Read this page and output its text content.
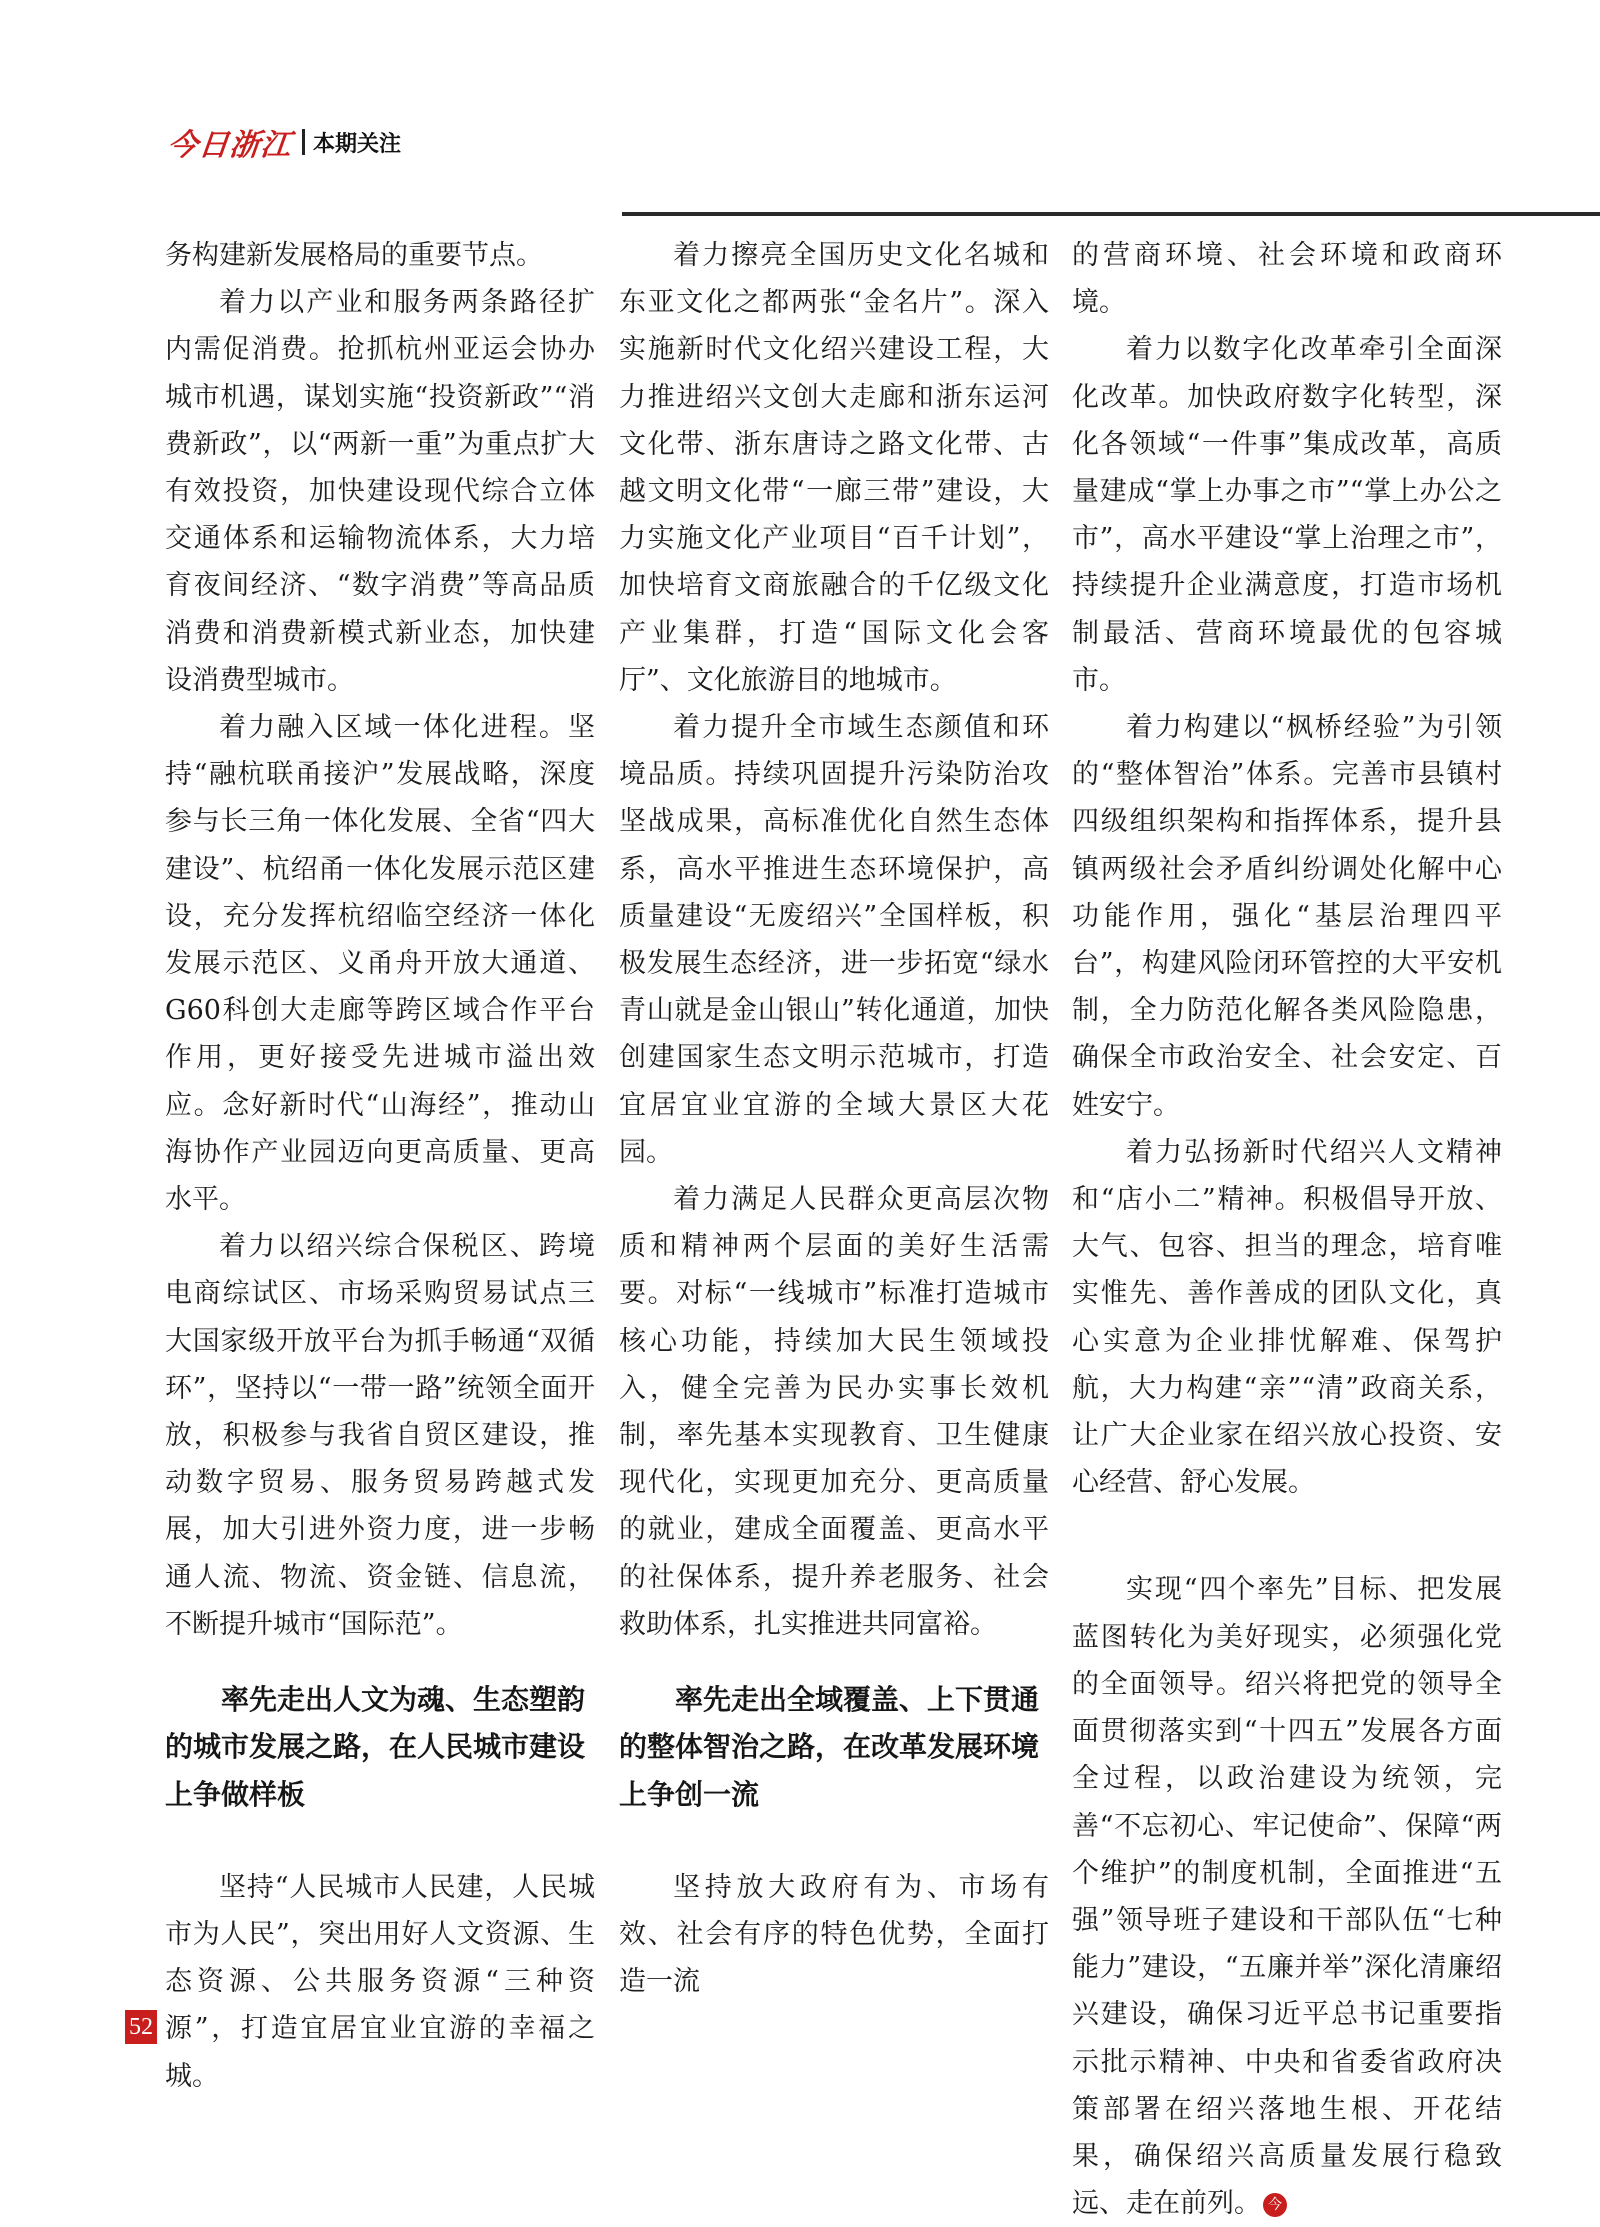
今日浙江 本期关注

务构建新发展格局的重要节点。

着力以产业和服务两条路径扩内需促消费。抢抓杭州亚运会协办城市机遇，谋划实施“投资新政”“消费新政”，以“两新一重”为重点扩大有效投资，加快建设现代综合立体交通体系和运输物流体系，大力培育夜间经济、“数字消费”等高品质消费和消费新模式新业态，加快建设消费型城市。

着力融入区域一体化进程。坚持“融杭联甬接沪”发展战略，深度参与长三角一体化发展、全省“四大建设”、杭绍甬一体化发展示范区建设，充分发挥杭绍临空经济一体化发展示范区、义甬舟开放大通道、G60科创大走廊等跨区域合作平台作用，更好接受先进城市溢出效应。念好新时代“山海经”，推动山海协作产业园迈向更高质量、更高水平。

着力以绍兴综合保税区、跨境电商综试区、市场采购贸易试点三大国家级开放平台为抓手畅通“双循环”，坚持以“一带一路”统领全面开放，积极参与我省自贸区建设，推动数字贸易、服务贸易跨越式发展，加大引进外资力度，进一步畅通人流、物流、资金链、信息流，不断提升城市“国际范”。

率先走出人文为魂、生态塑韵的城市发展之路，在人民城市建设上争做样板

坚持“人民城市人民建，人民城市为人民”，突出用好人文资源、生态资源、公共服务资源“三种资源”，打造宜居宜业宜游的幸福之城。

着力擦亮全国历史文化名城和东亚文化之都两张“金名片”。深入实施新时代文化绍兴建设工程，大力推进绍兴文创大走廊和浙东运河文化带、浙东唐诗之路文化带、古越文明文化带“一廊三带”建设，大力实施文化产业项目“百千计划”，加快培育文商旅融合的千亿级文化产业集群，打造“国际文化会客厅”、文化旅游目的地城市。

着力提升全市域生态颜值和环境品质。持续巩固提升污染防治攻坚战成果，高标准优化自然生态体系，高水平推进生态环境保护，高质量建设“无废绍兴”全国样板，积极发展生态经济，进一步拓宽“绿水青山就是金山银山”转化通道，加快创建国家生态文明示范城市，打造宜居宜业宜游的全域大景区大花园。

着力满足人民群众更高层次物质和精神两个层面的美好生活需要。对标“一线城市”标准打造城市核心功能，持续加大民生领域投入，健全完善为民办实事长效机制，率先基本实现教育、卫生健康现代化，实现更加充分、更高质量的就业，建成全面覆盖、更高水平的社保体系，提升养老服务、社会救助体系，扎实推进共同富裕。

率先走出全域覆盖、上下贯通的整体智治之路，在改革发展环境上争创一流

坚持放大政府有为、市场有效、社会有序的特色优势，全面打造一流

的营商环境、社会环境和政商环境。

着力以数字化改革牵引全面深化改革。加快政府数字化转型，深化各领域“一件事”集成改革，高质量建成“掌上办事之市”“掌上办公之市”，高水平建设“掌上治理之市”，持续提升企业满意度，打造市场机制最活、营商环境最优的包容城市。

着力构建以“枫桥经验”为引领的“整体智治”体系。完善市县镇村四级组织架构和指挥体系，提升县镇两级社会矛盾纠纷调处化解中心功能作用，强化“基层治理四平台”，构建风险闭环管控的大平安机制，全力防范化解各类风险隐患，确保全市政治安全、社会安定、百姓安宁。

着力弘扬新时代绍兴人文精神和“店小二”精神。积极倡导开放、大气、包容、担当的理念，培育唯实惟先、善作善成的团队文化，真心实意为企业排忧解难、保驾护航，大力构建“亲”“清”政商关系，让广大企业家在绍兴放心投资、安心经营、舒心发展。

实现“四个率先”目标、把发展蓝图转化为美好现实，必须强化党的全面领导。绍兴将把党的领导全面贯彻落实到“十四五”发展各方面全过程，以政治建设为统领，完善“不忘初心、牢记使命”、保障“两个维护”的制度机制，全面推进“五强”领导班子建设和干部队伍“七种能力”建设，“五廉并举”深化清廉绍兴建设，确保习近平总书记重要指示批示精神、中央和省委省政府决策部署在绍兴落地生根、开花结果，确保绍兴高质量发展行稳致远、走在前列。 今

52
